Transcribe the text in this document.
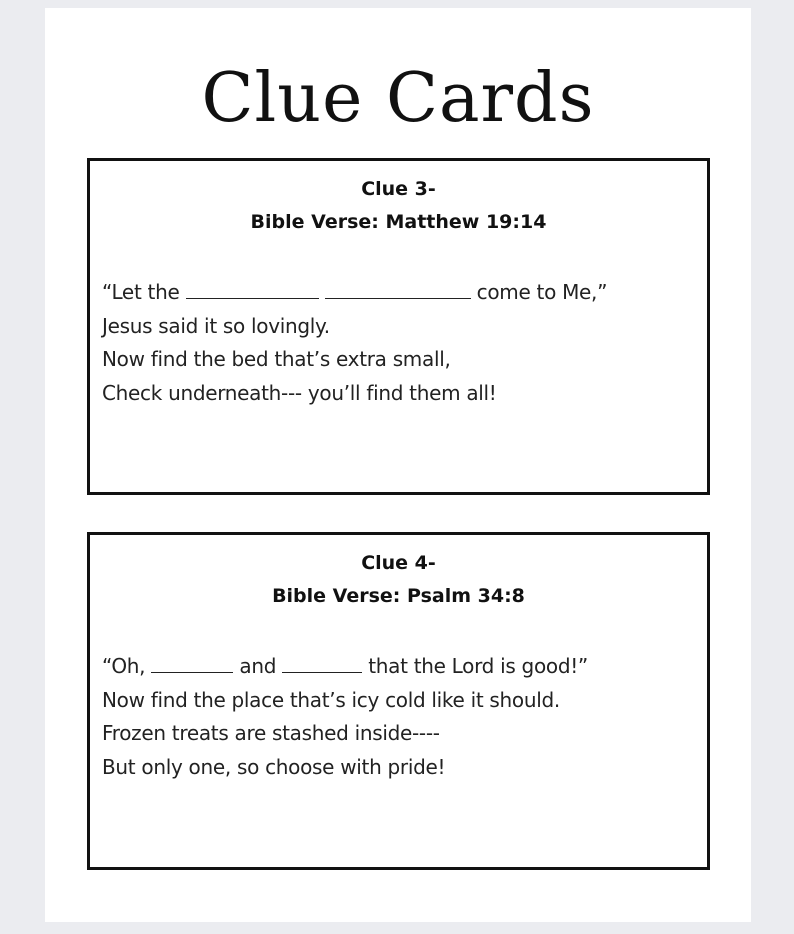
Clue Cards
Clue 3-
Bible Verse: Matthew 19:14
“Let the	come to Me,”
Jesus said it so lovingly.
Now find the bed that’s extra small,
Check underneath--- you’ll find them all!
Clue 4-
Bible Verse: Psalm 34:8
“Oh,	and	that the Lord is good!”
Now find the place that’s icy cold like it should.
Frozen treats are stashed inside----
But only one, so choose with pride!
